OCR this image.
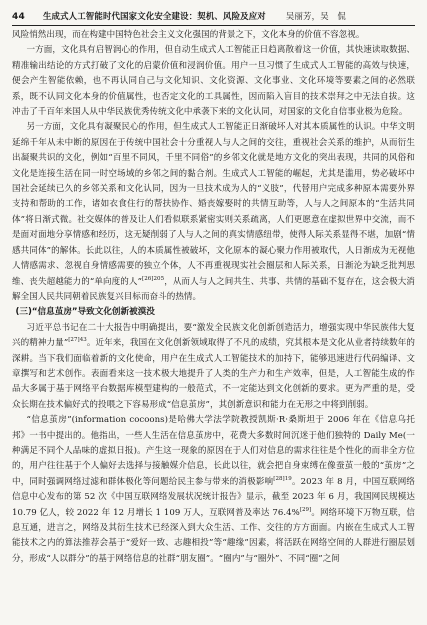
44 生成式人工智能时代国家文化安全建设：契机、风险及应对 吴丽芳，吴　侃

风险悄然出现，而在构建中国特色社会主义文化强国的背景之下，文化本身的价值不容忽视。

一方面，文化具有启智润心的作用，但自动生成式人工智能正日趋离散着这一价值，其快速读取数据、精准输出结论的方式打破了文化的启蒙价值和浸润价值。用户一旦习惯了生成式人工智能的高效与快速，便会产生智能依赖，也不再认同自己与文化知识、文化资源、文化事业、文化环境等要素之间的必然联系，既不认同文化本身的价值属性，也否定文化的工具属性，因而陷入盲目的技术崇拜之中无法自拔。这冲击了千百年来国人从中华民族优秀传统文化中承袭下来的文化认同，对国家的文化自信事业极为危险。

另一方面，文化具有凝聚民心的作用，但生成式人工智能正日渐破坏人对其本质属性的认识。中华文明延绵千年从未中断的原因在于传统中国社会十分重视人与人之间的交往，重视社会关系的维护，从而衍生出凝聚共识的文化，例如“百里不同风，千里不同俗”的乡邻文化就是地方文化的突出表现，共同的风俗和文化是连接生活在同一时空场域的乡邻之间的黏合剂。生成式人工智能的崛起，尤其是滥用，势必破坏中国社会延续已久的乡邻关系和文化认同，因为一旦技术成为人的“义肢”，代替用户完成多种原本需要外界支持和帮助的工作，诸如衣食住行的帮扶协作、婚丧嫁娶时的共情互助等，人与人之间原本的“生活共同体”将日渐式微。社交媒体的普及让人们看似联系紧密实则关系疏离，人们更愿意在虚拟世界中交流，而不是面对面地分享情感和经历，这无疑削弱了人与人之间的真实情感纽带，使得人际关系显得不堪，加剧“情感共同体”的解体。长此以往，人的本质属性被破坏，文化原本的凝心聚力作用被取代，人日渐成为无视他人情感需求、忽视自身情感需要的独立个体，人不再重视现实社会圈层和人际关系，日渐沦为缺乏批判思维、丧失超越能力的“单向度的人”$^{[26]205}$，从而人与人之间共生、共事、共情的基础不复存在，这会极大消解全国人民共同朝着民族复兴目标而奋斗的热情。

(三)“信息茧房”导致文化创新被漠没

习近平总书记在二十大报告中明确提出，要“激发全民族文化创新创造活力，增强实现中华民族伟大复兴的精神力量”$^{[27]43}$。近年来，我国在文化创新领域取得了不凡的成绩，究其根本是文化从业者持续数年的深耕。当下我们面临着新的文化使命，用户在生成式人工智能技术的加持下，能够迅速进行代码编译、文章撰写和艺术创作。表面看来这一技术极大地提升了人类的生产力和生产效率，但是，人工智能生成的作品大多属于基于网络平台数据库模型建构的一般范式，不一定能达到文化创新的要求。更为严重的是，受众长期在技术偏好式的投喂之下容易形成“信息茧房”，其创新意识和能力在无形之中将到削弱。

“信息茧房”(information cocoons)是哈佛大学法学院教授凯斯·R·桑斯坦于 2006 年在《信息乌托邦》一书中提出的。他指出，一些人生活在信息茧房中，花费大多数时间沉迷于他们独特的 Daily Me(一种满足不同个人品味的虚拟日报)。产生这一现象的原因在于人们对信息的需求往往是个性化的而非全方位的，用户往往基于个人偏好去选择与接触媒介信息，长此以往，就会把自身束缚在像蚕茧一般的“茧房”之中，同时强调网络过滤和群体极化等问题给民主参与带来的消极影响$^{[28]19}$。2023 年 8 月，中国互联网络信息中心发布的第 52 次《中国互联网络发展状况统计报告》显示，截至 2023 年 6 月，我国网民规模达 10.79 亿人，较 2022 年 12 月增长 1 109 万人，互联网普及率达 76.4%[29]。网络环境下万物互联，信息互通，进言之，网络及其衍生技术已经深入到大众生活、工作、交往的方方面面。内嵌在生成式人工智能技术之内的算法推荐会基于“爱好一致、志趣相投”等“趣缘”因素，将活跃在网络空间的人群进行圈层划分，形成“人以群分”的基于网络信息的社群“朋友圈”。“圈内”与“圈外”、不同“圈”之间
